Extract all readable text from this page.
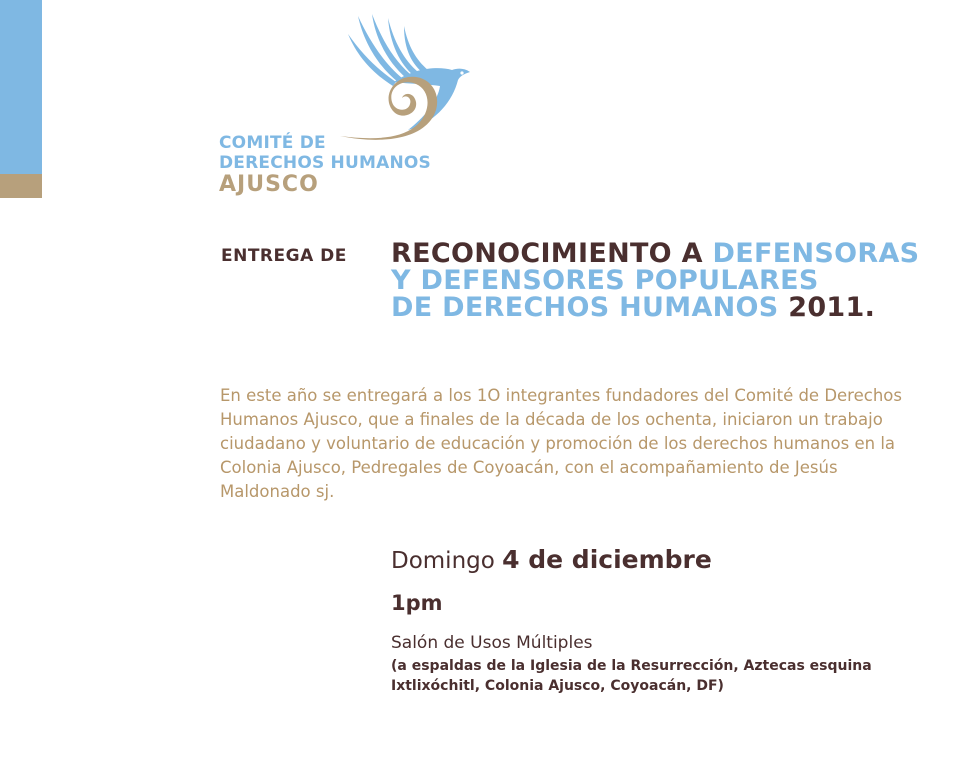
COMITÉ DE
DERECHOS HUMANOS
AJUSCO
ENTREGA DE RECONOCIMIENTO A DEFENSORAS
Y DEFENSORES POPULARES
DE DERECHOS HUMANOS 2011.

En este año se entregará a los 1O integrantes fundadores del Comité de Derechos Humanos Ajusco, que a finales de la década de los ochenta, iniciaron un trabajo ciudadano y voluntario de educación y promoción de los derechos humanos en la Colonia Ajusco, Pedregales de Coyoacán, con el acompañamiento de Jesús Maldonado sj.

Domingo 4 de diciembre
1pm
Salón de Usos Múltiples
(a espaldas de la Iglesia de la Resurrección, Aztecas esquina Ixtlixóchitl, Colonia Ajusco, Coyoacán, DF)
